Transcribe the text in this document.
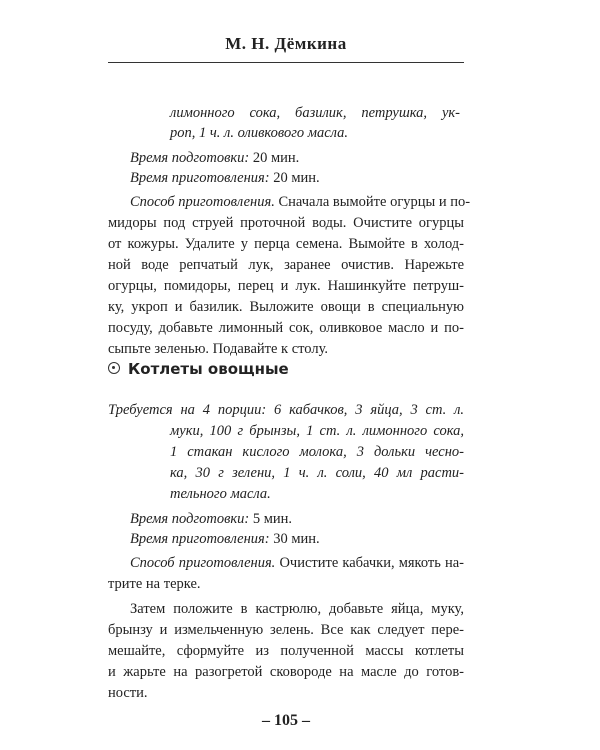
М. Н. Дёмкина
лимонного сока, базилик, петрушка, ук-
роп, 1 ч. л. оливкового масла.
Время подготовки: 20 мин.
Время приготовления: 20 мин.
Способ приготовления. Сначала вымойте огурцы и по-
мидоры под струей проточной воды. Очистите огурцы
от кожуры. Удалите у перца семена. Вымойте в холод-
ной воде репчатый лук, заранее очистив. Нарежьте
огурцы, помидоры, перец и лук. Нашинкуйте петруш-
ку, укроп и базилик. Выложите овощи в специальную
посуду, добавьте лимонный сок, оливковое масло и по-
сыпьте зеленью. Подавайте к столу.
Котлеты овощные
Требуется на 4 порции: 6 кабачков, 3 яйца, 3 ст. л.
муки, 100 г брынзы, 1 ст. л. лимонного сока,
1 стакан кислого молока, 3 дольки чесно-
ка, 30 г зелени, 1 ч. л. соли, 40 мл расти-
тельного масла.
Время подготовки: 5 мин.
Время приготовления: 30 мин.
Способ приготовления. Очистите кабачки, мякоть на-
трите на терке.
Затем положите в кастрюлю, добавьте яйца, муку,
брынзу и измельченную зелень. Все как следует пере-
мешайте, сформуйте из полученной массы котлеты
и жарьте на разогретой сковороде на масле до готов-
ности.
– 105 –
